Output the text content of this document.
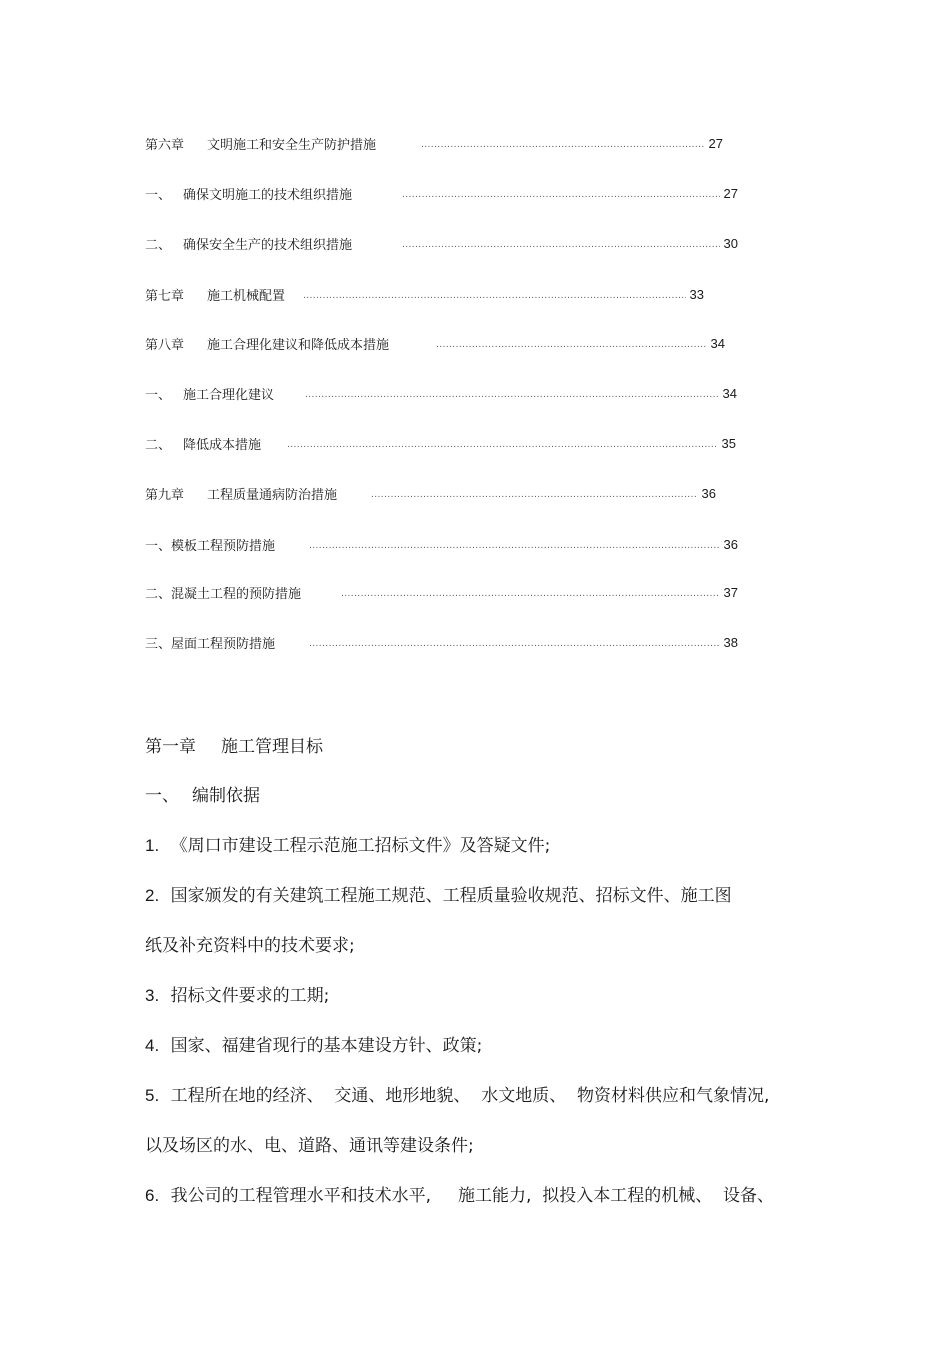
第六章	文明施工和安全生产防护措施 .....	27
一、 确保文明施工的技术组织措施 .....	27
二、 确保安全生产的技术组织措施 .....	30
第七章	施工机械配置 .....	33
第八章	施工合理化建议和降低成本措施 .....	34
一、 施工合理化建议 .....	34
二、 降低成本措施 .....	35
第九章	工程质量通病防治措施 .....	36
一、模板工程预防措施 .....	36
二、混凝土工程的预防措施 .....	37
三、屋面工程预防措施 .....	38
第一章	施工管理目标
一、 编制依据
1. 《周口市建设工程示范施工招标文件》及答疑文件;
2. 国家颁发的有关建筑工程施工规范、工程质量验收规范、招标文件、施工图
纸及补充资料中的技术要求;
3. 招标文件要求的工期;
4. 国家、福建省现行的基本建设方针、政策;
5. 工程所在地的经济、  交通、地形地貌、  水文地质、  物资材料供应和气象情况,
以及场区的水、电、道路、通讯等建设条件;
6. 我公司的工程管理水平和技术水平,     施工能力,  拟投入本工程的机械、  设备、
